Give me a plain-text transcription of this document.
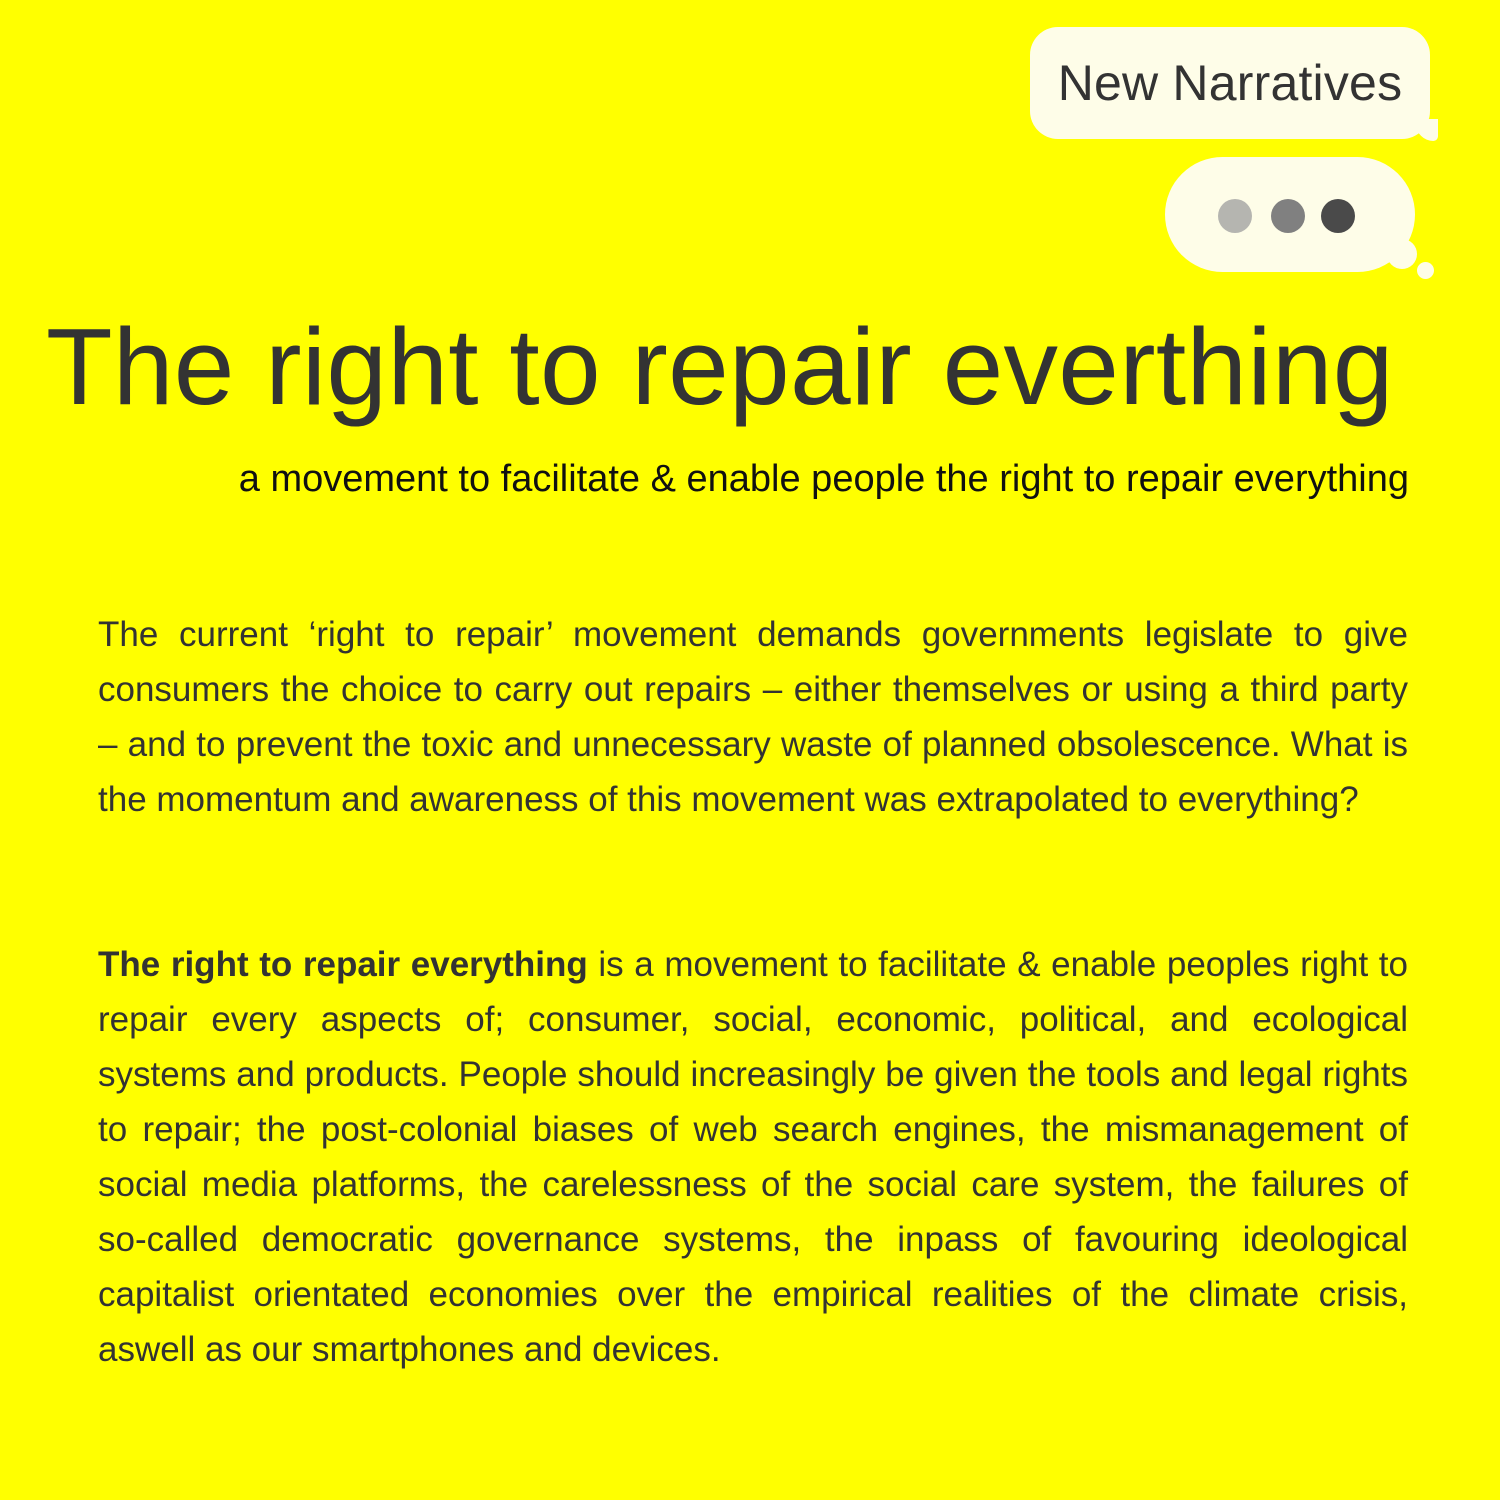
New Narratives
The right to repair everthing

a movement to facilitate & enable people the right to repair everything

The current ‘right to repair’ movement demands governments legislate to give consumers the choice to carry out repairs – either themselves or using a third party – and to prevent the toxic and unnecessary waste of planned obsolescence. What is the momentum and awareness of this movement was extrapolated to everything?

The right to repair everything is a movement to facilitate & enable peoples right to repair every aspects of; consumer, social, economic, political, and ecological systems and products. People should increasingly be given the tools and legal rights to repair; the post-colonial biases of web search engines, the mismanagement of social media platforms, the carelessness of the social care system, the failures of so-called democratic governance systems, the inpass of favouring ideological capitalist orientated economies over the empirical realities of the climate crisis, aswell as our smartphones and devices.
